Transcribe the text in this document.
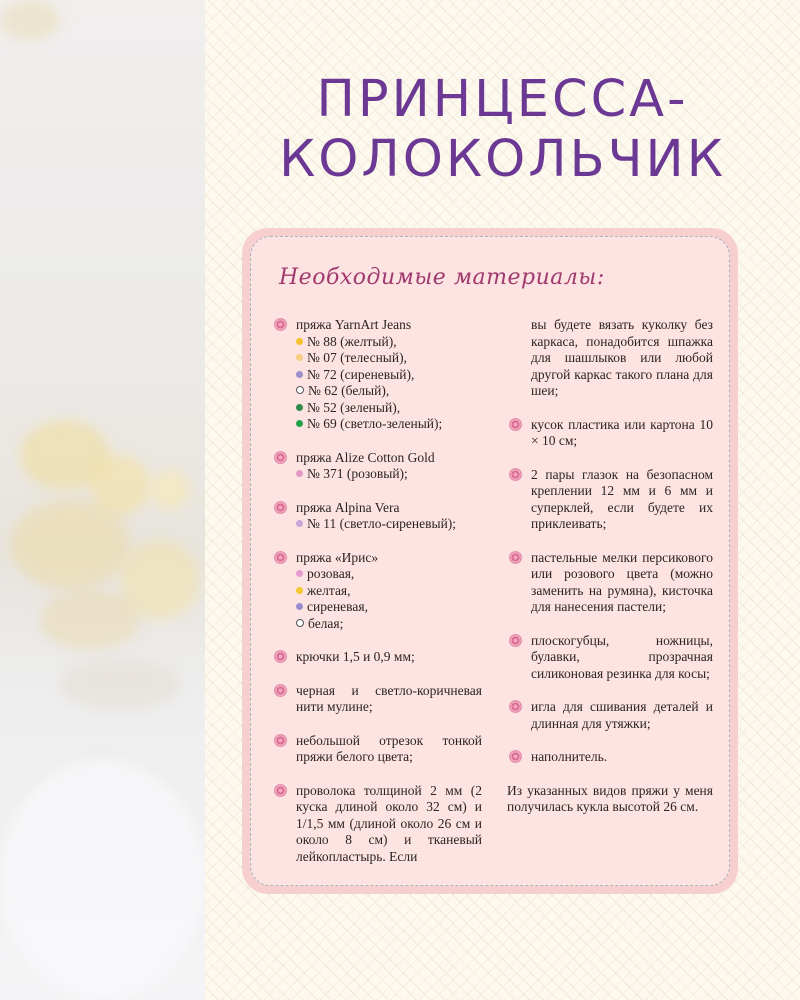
ПРИНЦЕССА-
КОЛОКОЛЬЧИК
Необходимые материалы:
пряжа YarnArt Jeans
№ 88 (желтый),
№ 07 (телесный),
№ 72 (сиреневый),
№ 62 (белый),
№ 52 (зеленый),
№ 69 (светло-зеленый);
пряжа Alize Cotton Gold
№ 371 (розовый);
пряжа Alpina Vera
№ 11 (светло-сиреневый);
пряжа «Ирис»
розовая,
желтая,
сиреневая,
белая;
крючки 1,5 и 0,9 мм;
черная и светло-коричневая нити мулине;
небольшой отрезок тонкой пряжи белого цвета;
проволока толщиной 2 мм (2 куска длиной около 32 см) и 1/1,5 мм (длиной около 26 см и около 8 см) и тканевый лейкопластырь. Если
вы будете вязать куколку без каркаса, понадобится шпажка для шашлыков или любой другой каркас такого плана для шеи;
кусок пластика или картона 10 × 10 см;
2 пары глазок на безопасном креплении 12 мм и 6 мм и суперклей, если будете их приклеивать;
пастельные мелки персикового или розового цвета (можно заменить на румяна), кисточка для нанесения пастели;
плоскогубцы, ножницы, булавки, прозрачная силиконовая резинка для косы;
игла для сшивания деталей и длинная для утяжки;
наполнитель.
Из указанных видов пряжи у меня получилась кукла высотой 26 см.
